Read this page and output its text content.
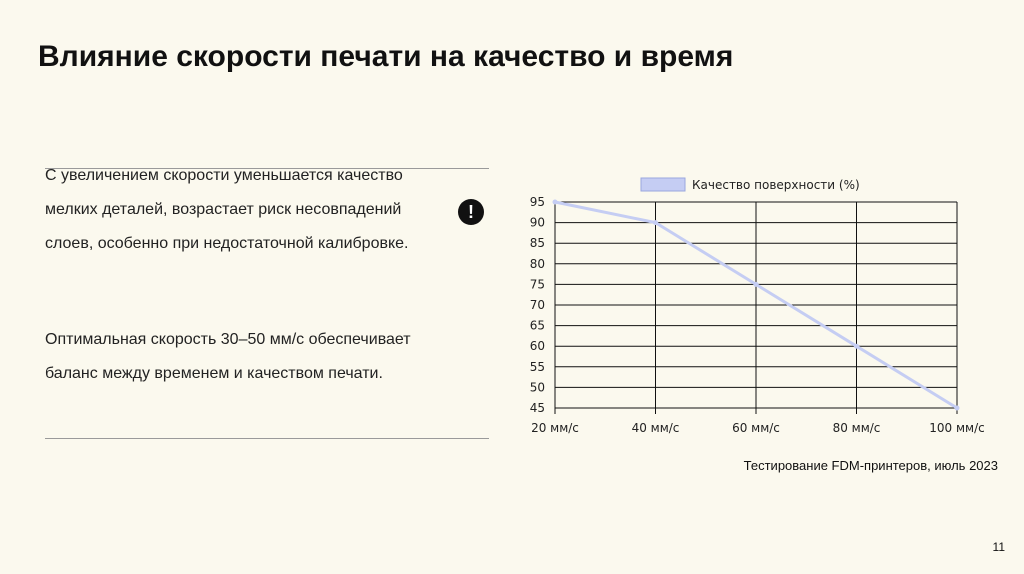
Влияние скорости печати на качество и время
С увеличением скорости уменьшается качество мелких деталей, возрастает риск несовпадений слоев, особенно при недостаточной калибровке.
!
Оптимальная скорость 30–50 мм/с обеспечивает баланс между временем и качеством печати.
45
50
55
60
65
70
75
80
85
90
95
20 мм/с	40 мм/с	60 мм/с	80 мм/с	100 мм/с
Качество поверхности (%)
Тестирование FDM-принтеров, июль 2023
11
